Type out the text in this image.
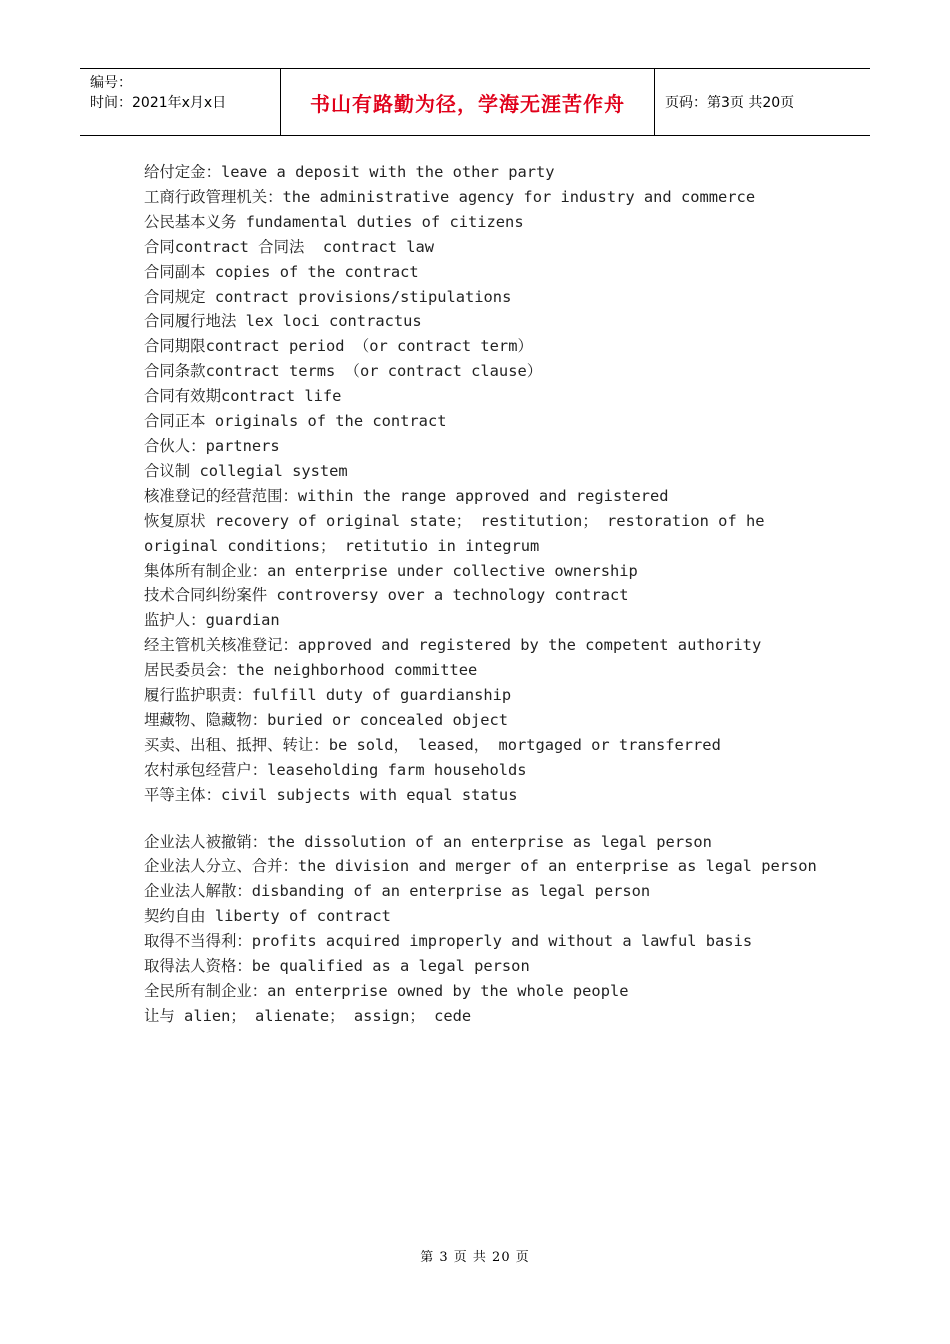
编号：
时间：2021年x月x日	书山有路勤为径，学海无涯苦作舟	页码：第3页 共20页

给付定金：leave a deposit with the other party

工商行政管理机关：the administrative agency for industry and commerce

公民基本义务 fundamental duties of citizens

合同contract 合同法  contract law

合同副本 copies of the contract

合同规定 contract provisions/stipulations

合同履行地法 lex loci contractus

合同期限contract period （or contract term）

合同条款contract terms （or contract clause）

合同有效期contract life

合同正本 originals of the contract

合伙人：partners

合议制 collegial system

核准登记的经营范围：within the range approved and registered

恢复原状 recovery of original state； restitution； restoration of he original conditions； retitutio in integrum

集体所有制企业：an enterprise under collective ownership

技术合同纠纷案件 controversy over a technology contract

监护人：guardian

经主管机关核准登记：approved and registered by the competent authority

居民委员会：the neighborhood committee

履行监护职责：fulfill duty of guardianship

埋藏物、隐藏物：buried or concealed object

买卖、出租、抵押、转让：be sold， leased， mortgaged or transferred

农村承包经营户：leaseholding farm households

平等主体：civil subjects with equal status

企业法人被撤销：the dissolution of an enterprise as legal person

企业法人分立、合并：the division and merger of an enterprise as legal person

企业法人解散：disbanding of an enterprise as legal person

契约自由 liberty of contract

取得不当得利：profits acquired improperly and without a lawful basis

取得法人资格：be qualified as a legal person

全民所有制企业：an enterprise owned by the whole people

让与 alien； alienate； assign； cede

第 3 页 共 20 页
